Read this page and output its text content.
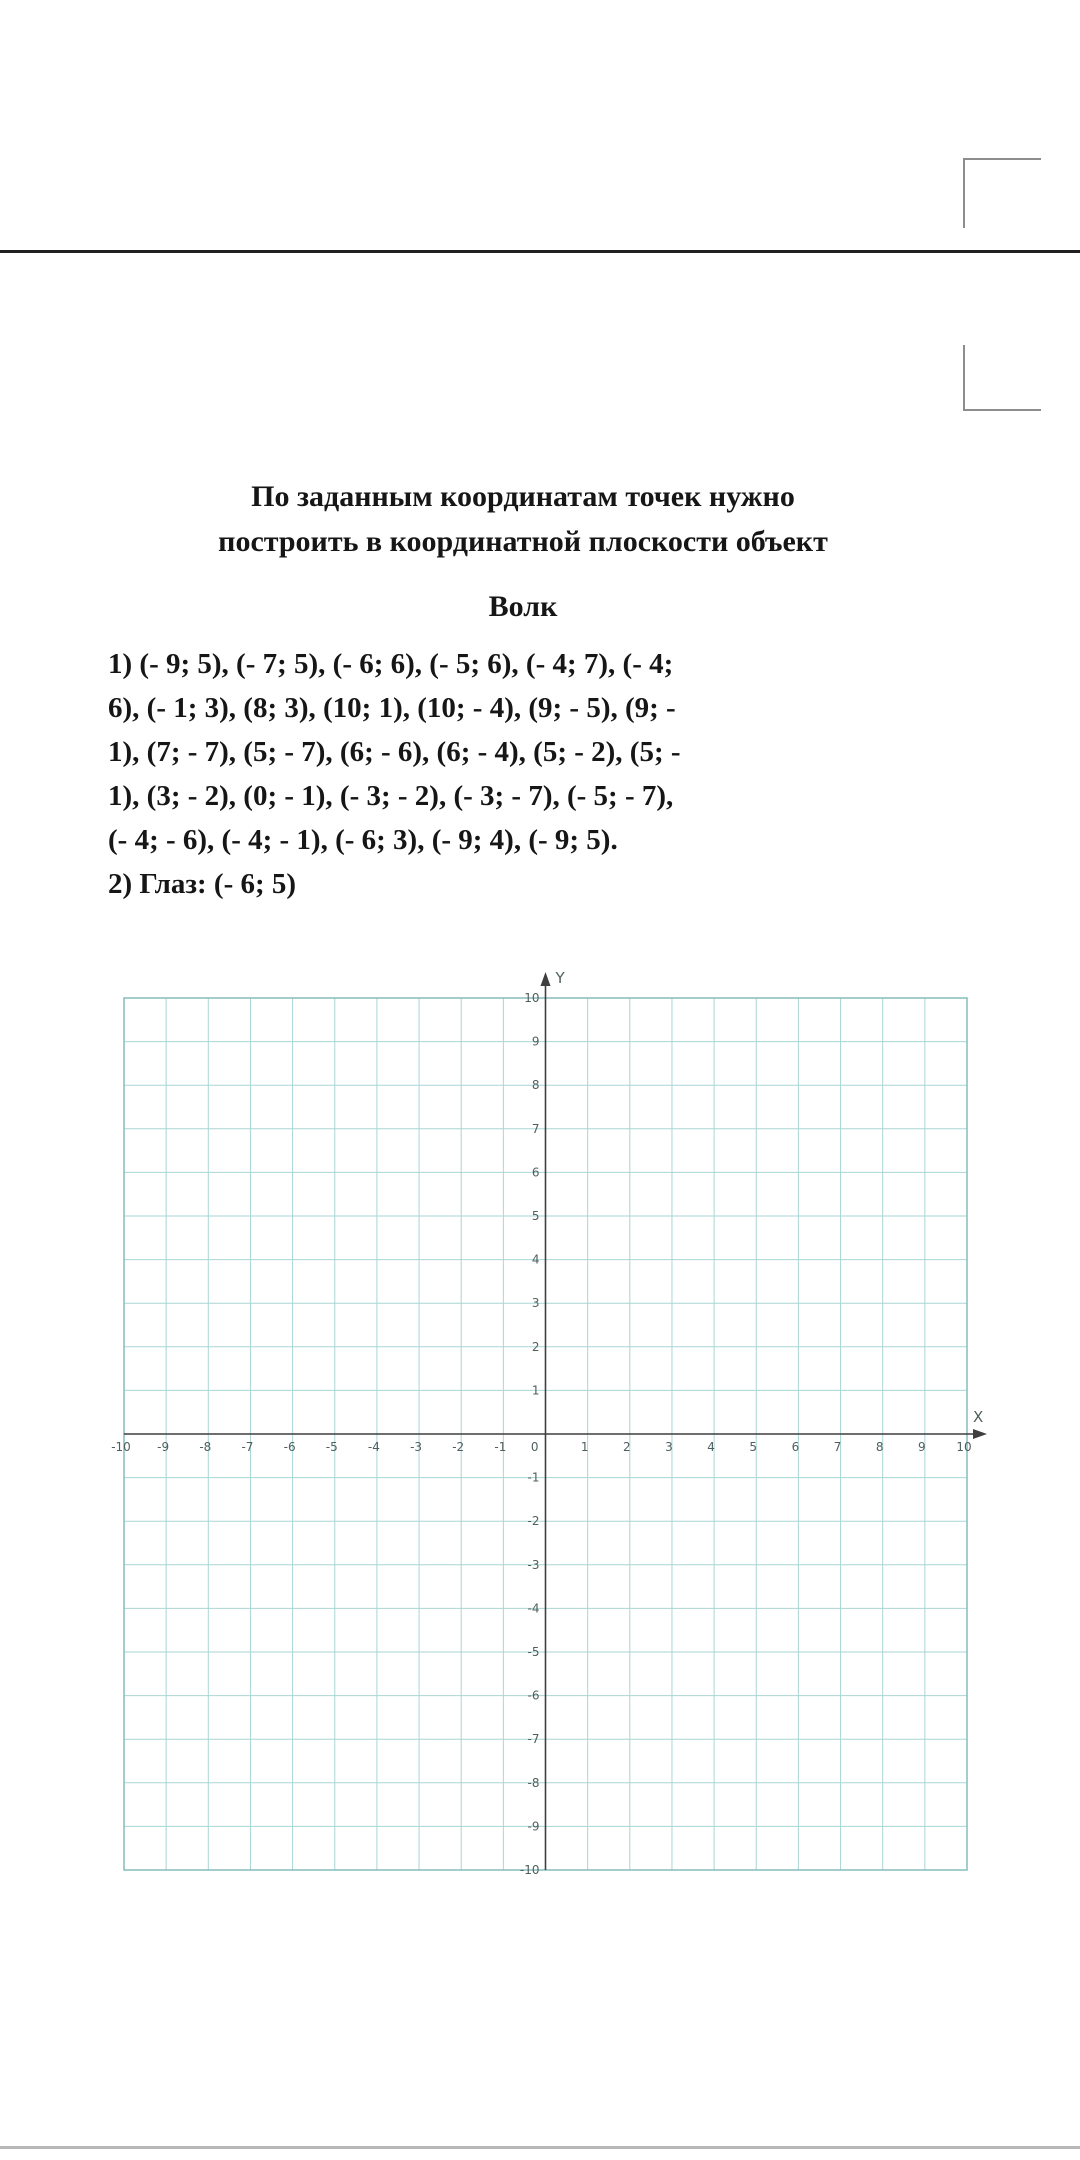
По заданным координатам точек нужно
построить в координатной плоскости объект
Волк
1) (- 9; 5), (- 7; 5), (- 6; 6), (- 5; 6), (- 4; 7), (- 4;
6), (- 1; 3), (8; 3), (10; 1), (10; - 4), (9; - 5), (9; -
1), (7; - 7), (5; - 7), (6; - 6), (6; - 4), (5; - 2), (5; -
1), (3; - 2), (0; - 1), (- 3; - 2), (- 3; - 7), (- 5; - 7),
(- 4; - 6), (- 4; - 1), (- 6; 3), (- 9; 4), (- 9; 5).
2) Глаз: (- 6; 5)
Y
X
-10 -9	-8	-7	-6	-5	-4	-3	-2	-1	1	2	3	4	5	6	7	8	9	10
-10
-9
-8
-7
-6
-5
-4
-3
-2
-1
1
2
3
4
5
6
7
8
9
10
0
